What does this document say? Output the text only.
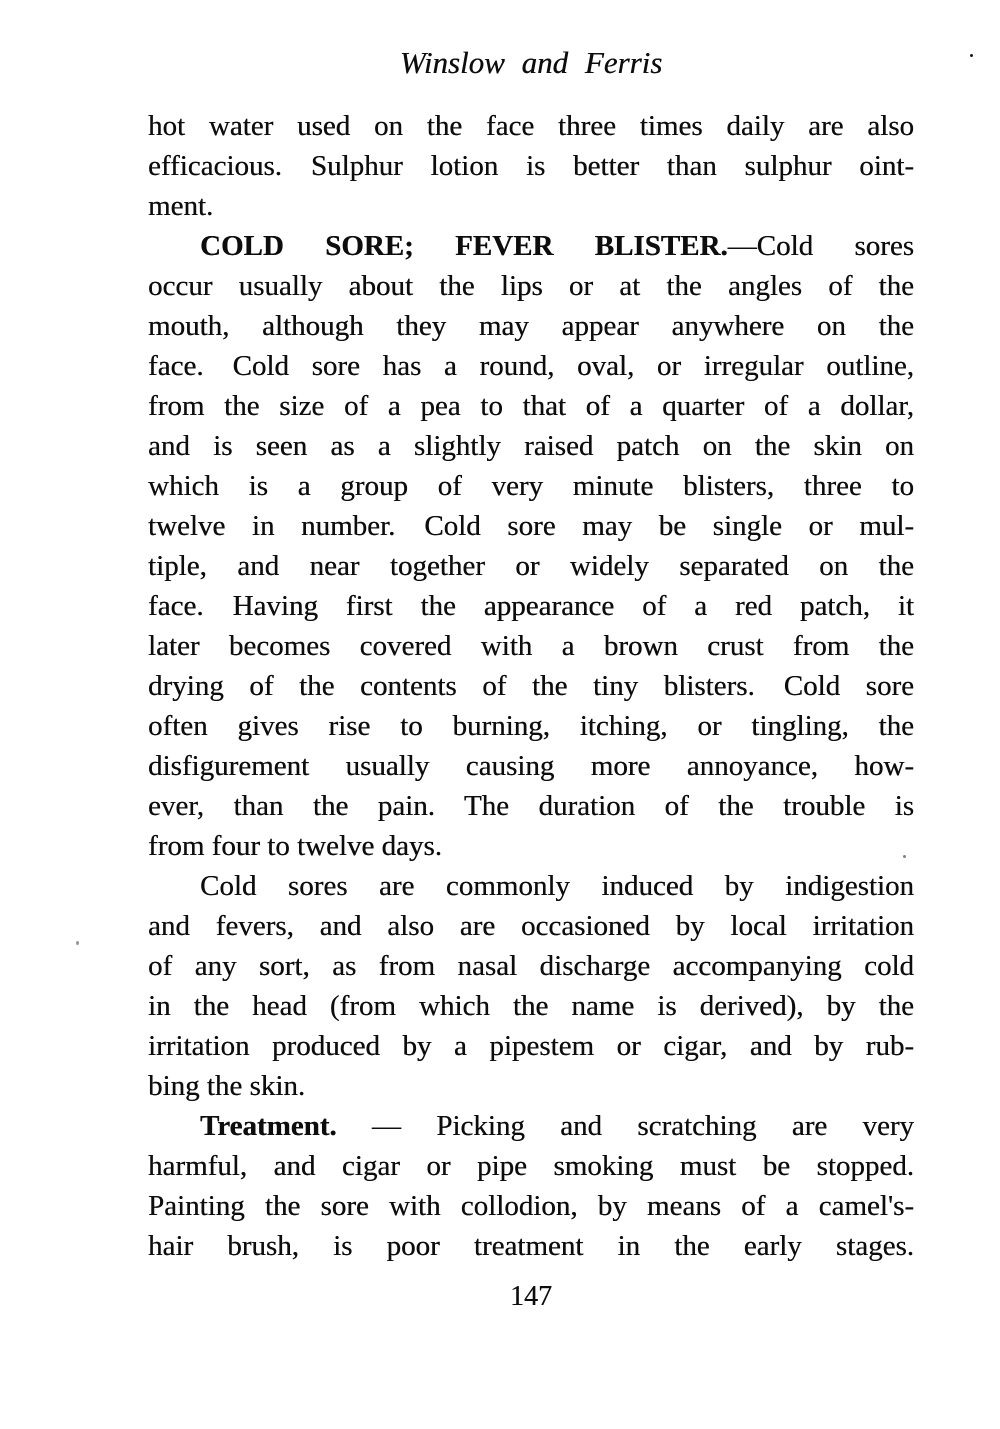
Winslow and Ferris
hot water used on the face three times daily are also
efficacious. Sulphur lotion is better than sulphur oint-
ment.
COLD SORE; FEVER BLISTER.—Cold sores
occur usually about the lips or at the angles of the
mouth, although they may appear anywhere on the
face. Cold sore has a round, oval, or irregular outline,
from the size of a pea to that of a quarter of a dollar,
and is seen as a slightly raised patch on the skin on
which is a group of very minute blisters, three to
twelve in number. Cold sore may be single or mul-
tiple, and near together or widely separated on the
face. Having first the appearance of a red patch, it
later becomes covered with a brown crust from the
drying of the contents of the tiny blisters. Cold sore
often gives rise to burning, itching, or tingling, the
disfigurement usually causing more annoyance, how-
ever, than the pain. The duration of the trouble is
from four to twelve days.
Cold sores are commonly induced by indigestion
and fevers, and also are occasioned by local irritation
of any sort, as from nasal discharge accompanying cold
in the head (from which the name is derived), by the
irritation produced by a pipestem or cigar, and by rub-
bing the skin.
Treatment. — Picking and scratching are very
harmful, and cigar or pipe smoking must be stopped.
Painting the sore with collodion, by means of a camel's-
hair brush, is poor treatment in the early stages.
147
